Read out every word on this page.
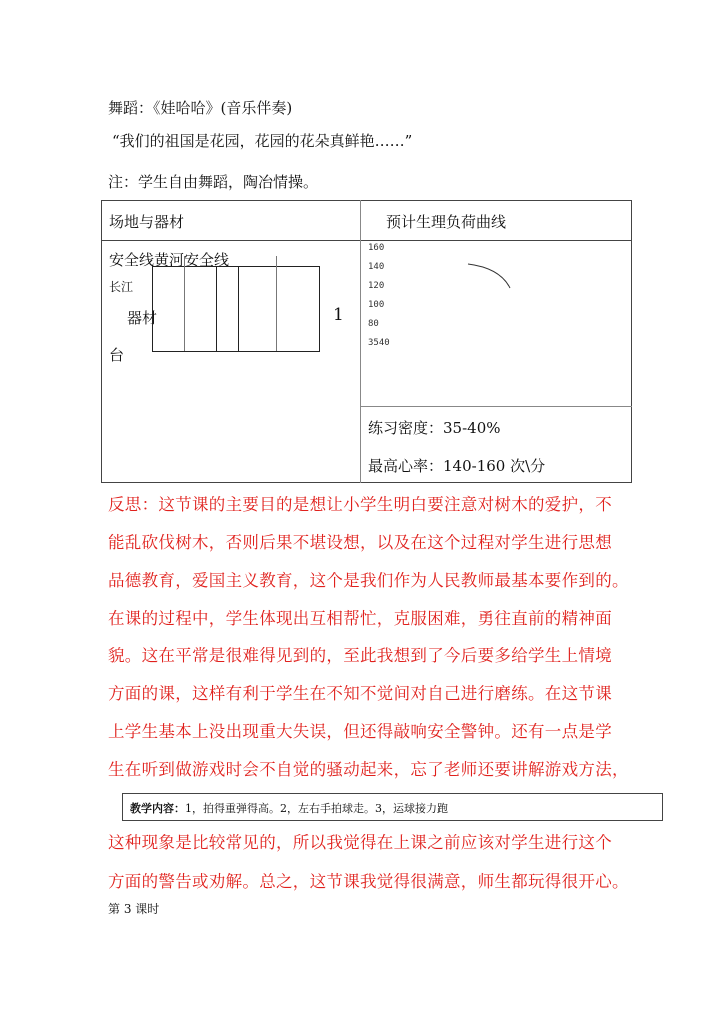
舞蹈：《娃哈哈》(音乐伴奏)
“我们的祖国是花园，花园的花朵真鲜艳……”
注：学生自由舞蹈，陶冶情操。
场地与器材	预计生理负荷曲线
安全线黄河安全线
长江
器材	1
台
160
140
120
100
80
3540
练习密度：35-40%
最高心率：140-160 次\分
反思：这节课的主要目的是想让小学生明白要注意对树木的爱护，不
能乱砍伐树木，否则后果不堪设想，以及在这个过程对学生进行思想
品德教育，爱国主义教育，这个是我们作为人民教师最基本要作到的。
在课的过程中，学生体现出互相帮忙，克服困难，勇往直前的精神面
貌。这在平常是很难得见到的，至此我想到了今后要多给学生上情境
方面的课，这样有利于学生在不知不觉间对自己进行磨练。在这节课
上学生基本上没出现重大失误，但还得敲响安全警钟。还有一点是学
生在听到做游戏时会不自觉的骚动起来，忘了老师还要讲解游戏方法，
教学内容：1，拍得重弹得高。2，左右手拍球走。3，运球接力跑
这种现象是比较常见的，所以我觉得在上课之前应该对学生进行这个
方面的警告或劝解。总之，这节课我觉得很满意，师生都玩得很开心。
第 3 课时
